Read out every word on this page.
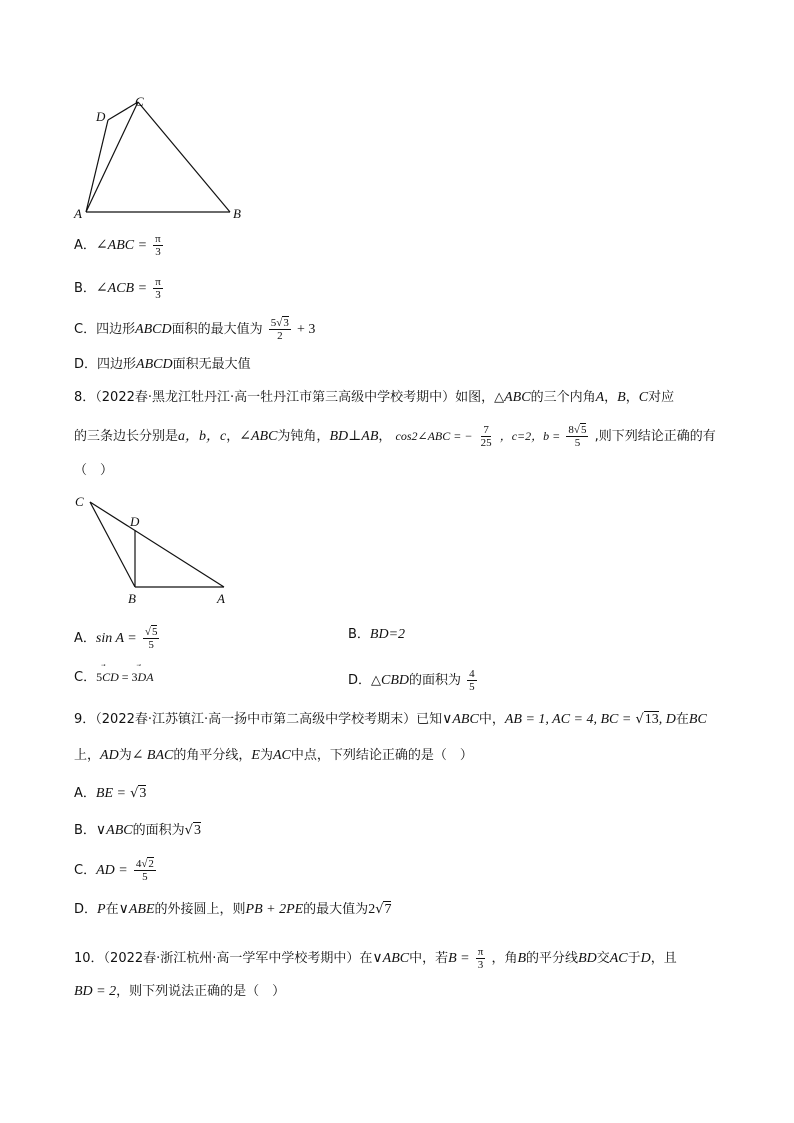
D
C
A	B
A．∠ABC = $\frac{\pi}{3}$
B．∠ACB = $\frac{\pi}{3}$
C．四边形ABCD面积的最大值为 $\frac{5√3}{2} + 3$
D．四边形ABCD面积无最大值
8．（2022春·黑龙江牡丹江·高一牡丹江市第三高级中学校考期中）如图，△ABC的三个内角A，B，C对应
的三条边长分别是a，b，c，∠ABC为钝角，BD⊥AB， cos2∠ABC = − $\frac{7}{25}$ ，c=2，$b = \frac{8√5}{5}$ ,则下列结论正确的有
（　）
C
D
B	A
A．$\sin A = \frac{√5}{5}$	B．BD=2
C．5⃗ CD = 3⃗ DA	D．△CBD的面积为 $\frac{4}{5}$
9．（2022春·江苏镇江·高一扬中市第二高级中学校考期末）已知∨ABC中，AB = 1, AC = 4, BC = √13, D在BC
上，AD为∠ BAC的角平分线，E为AC中点，下列结论正确的是（　）
A．BE = √3
B．∨ABC的面积为√3
C．AD = $\frac{4√2}{5}$
D．P在∨ABE的外接圆上，则PB + 2PE的最大值为2√7
10．（2022春·浙江杭州·高一学军中学校考期中）在∨ABC中，若$B = \frac{\pi}{3}$ ，角B的平分线BD交AC于D，且
BD = 2，则下列说法正确的是（　）
